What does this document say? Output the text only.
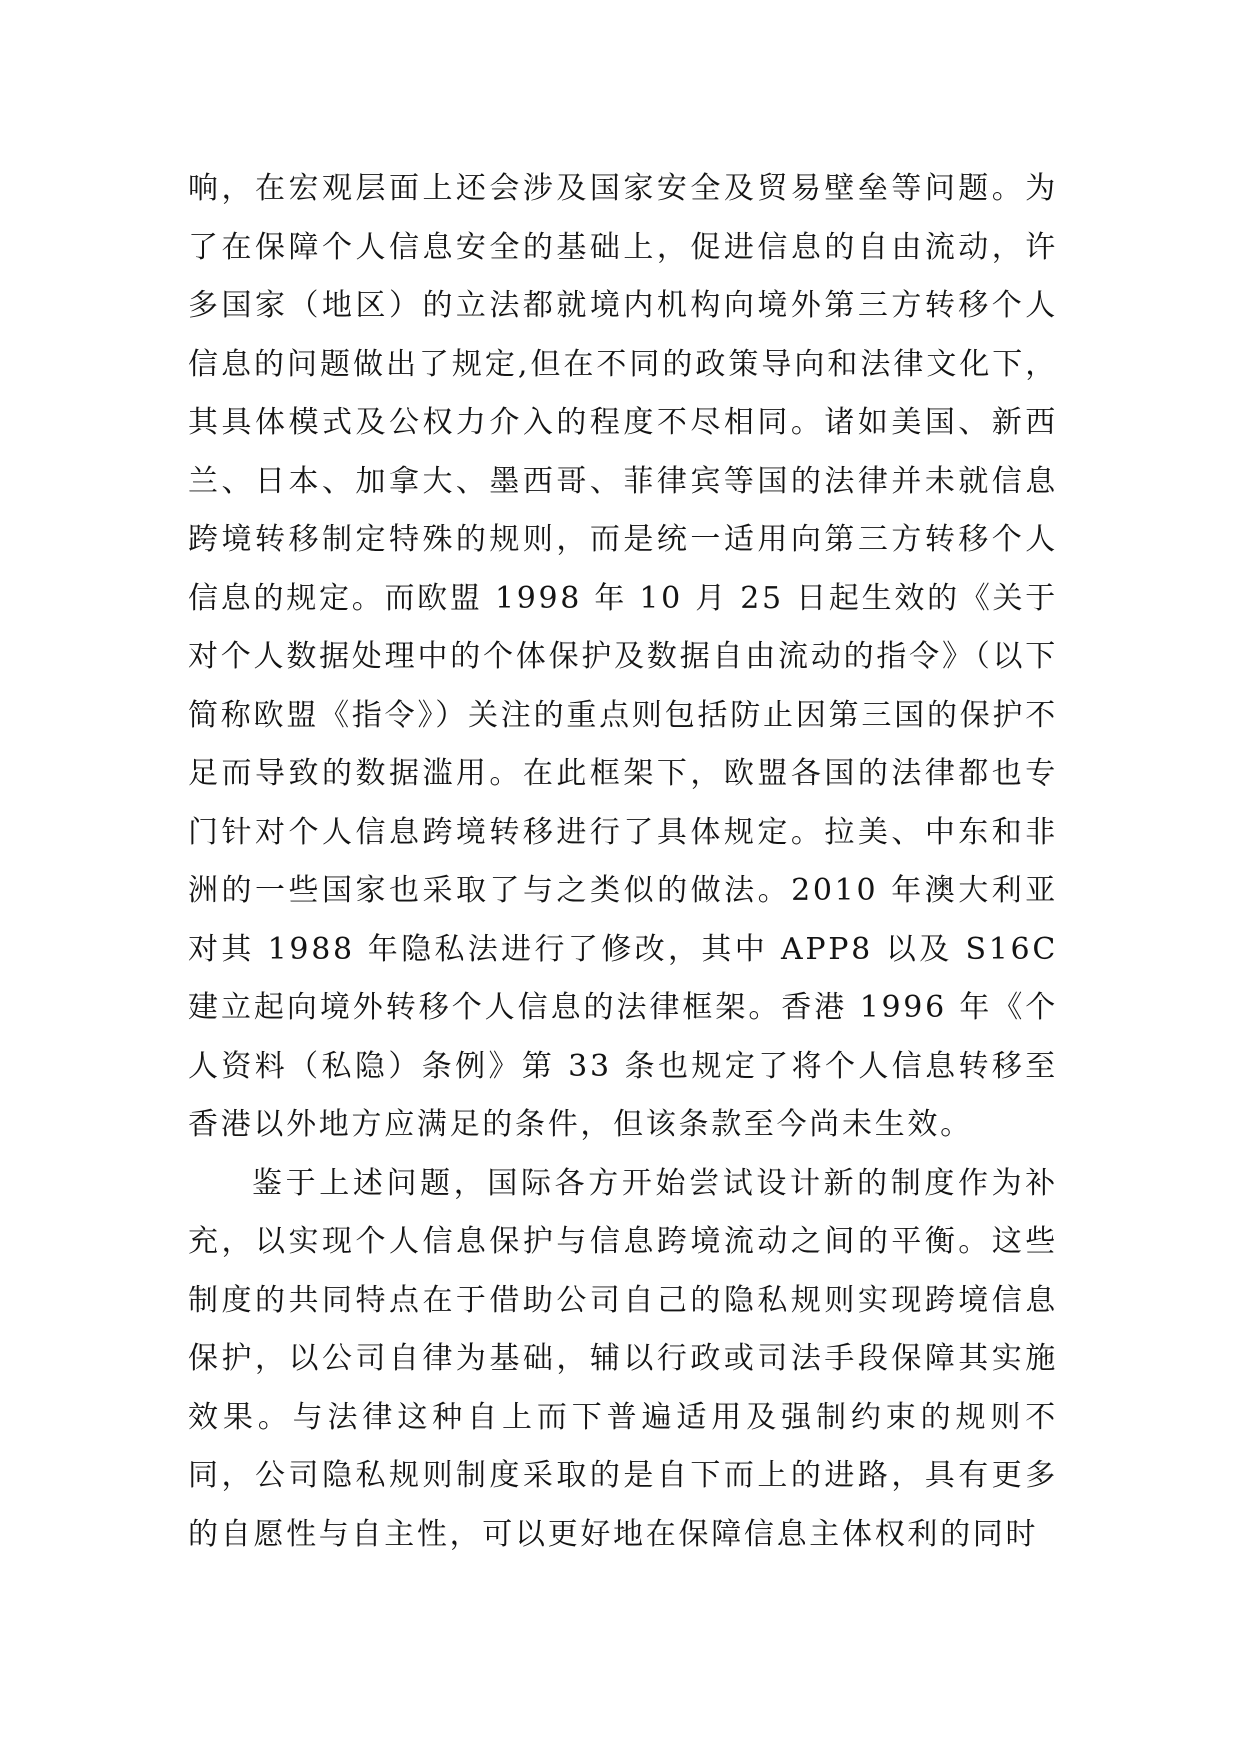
响，在宏观层面上还会涉及国家安全及贸易壁垒等问题。为了在保障个人信息安全的基础上，促进信息的自由流动，许多国家（地区）的立法都就境内机构向境外第三方转移个人信息的问题做出了规定,但在不同的政策导向和法律文化下，其具体模式及公权力介入的程度不尽相同。诸如美国、新西兰、日本、加拿大、墨西哥、菲律宾等国的法律并未就信息跨境转移制定特殊的规则，而是统一适用向第三方转移个人信息的规定。而欧盟 1998 年 10 月 25 日起生效的《关于对个人数据处理中的个体保护及数据自由流动的指令》（以下简称欧盟《指令》）关注的重点则包括防止因第三国的保护不足而导致的数据滥用。在此框架下，欧盟各国的法律都也专门针对个人信息跨境转移进行了具体规定。拉美、中东和非洲的一些国家也采取了与之类似的做法。2010 年澳大利亚对其 1988 年隐私法进行了修改，其中 APP8 以及 S16C 建立起向境外转移个人信息的法律框架。香港 1996 年《个人资料（私隐）条例》第 33 条也规定了将个人信息转移至香港以外地方应满足的条件，但该条款至今尚未生效。

鉴于上述问题，国际各方开始尝试设计新的制度作为补充，以实现个人信息保护与信息跨境流动之间的平衡。这些制度的共同特点在于借助公司自己的隐私规则实现跨境信息保护，以公司自律为基础，辅以行政或司法手段保障其实施效果。与法律这种自上而下普遍适用及强制约束的规则不同，公司隐私规则制度采取的是自下而上的进路，具有更多的自愿性与自主性，可以更好地在保障信息主体权利的同时
